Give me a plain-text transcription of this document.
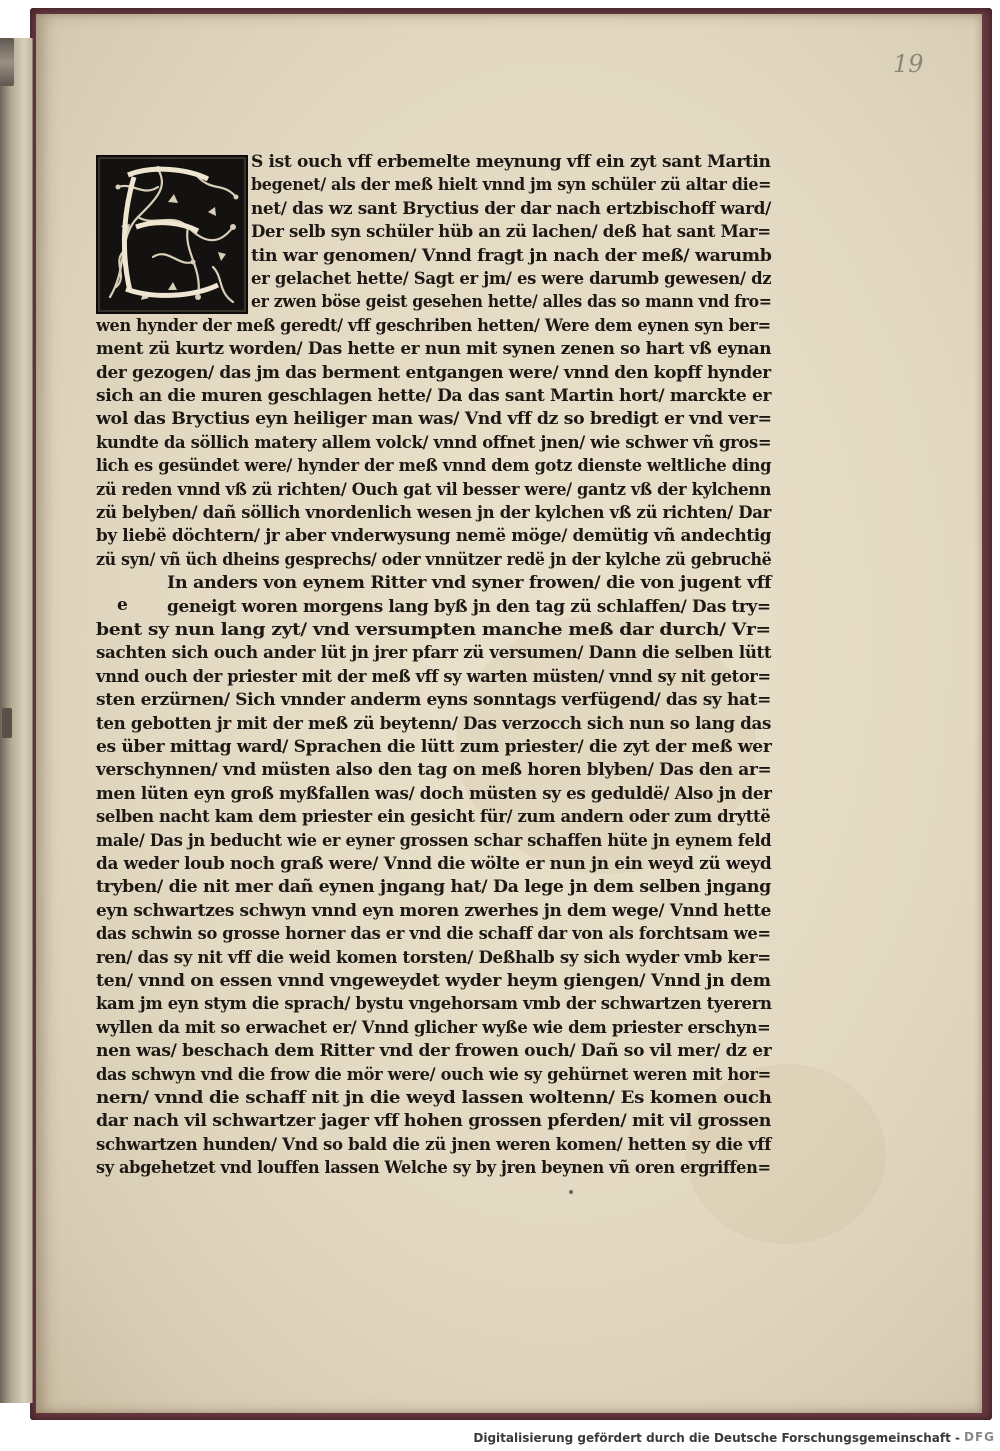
19
S ist ouch vff erbemelte meynung vff ein zyt sant Martin
begenet/ als der meß hielt vnnd jm syn schüler zü altar die=
net/ das wz sant Bryctius der dar nach ertzbischoff ward/
Der selb syn schüler hüb an zü lachen/ deß hat sant Mar=
tin war genomen/ Vnnd fragt jn nach der meß/ warumb
er gelachet hette/ Sagt er jm/ es were darumb gewesen/ dz
er zwen böse geist gesehen hette/ alles das so mann vnd fro=
wen hynder der meß geredt/ vff geschriben hetten/ Were dem eynen syn ber=
ment zü kurtz worden/ Das hette er nun mit synen zenen so hart vß eynan
der gezogen/ das jm das berment entgangen were/ vnnd den kopff hynder
sich an die muren geschlagen hette/ Da das sant Martin hort/ marckte er
wol das Bryctius eyn heiliger man was/ Vnd vff dz so bredigt er vnd ver=
kundte da söllich matery allem volck/ vnnd offnet jnen/ wie schwer vñ gros=
lich es gesündet were/ hynder der meß vnnd dem gotz dienste weltliche ding
zü reden vnnd vß zü richten/ Ouch gat vil besser were/ gantz vß der kylchenn
zü belyben/ dañ söllich vnordenlich wesen jn der kylchen vß zü richten/ Dar
by liebë döchtern/ jr aber vnderwysung nemë möge/ demütig vñ andechtig
zü syn/ vñ üch dheins gesprechs/ oder vnnützer redë jn der kylche zü gebruchë
In anders von eynem Ritter vnd syner frowen/ die von jugent vff
geneigt woren morgens lang byß jn den tag zü schlaffen/ Das try=
bent sy nun lang zyt/ vnd versumpten manche meß dar durch/ Vr=
sachten sich ouch ander lüt jn jrer pfarr zü versumen/ Dann die selben lütt
vnnd ouch der priester mit der meß vff sy warten müsten/ vnnd sy nit getor=
sten erzürnen/ Sich vnnder anderm eyns sonntags verfügend/ das sy hat=
ten gebotten jr mit der meß zü beytenn/ Das verzocch sich nun so lang das
es über mittag ward/ Sprachen die lütt zum priester/ die zyt der meß wer
verschynnen/ vnd müsten also den tag on meß horen blyben/ Das den ar=
men lüten eyn groß myßfallen was/ doch müsten sy es geduldë/ Also jn der
selben nacht kam dem priester ein gesicht für/ zum andern oder zum dryttë
male/ Das jn beducht wie er eyner grossen schar schaffen hüte jn eynem feld
da weder loub noch graß were/ Vnnd die wölte er nun jn ein weyd zü weyd
tryben/ die nit mer dañ eynen jngang hat/ Da lege jn dem selben jngang
eyn schwartzes schwyn vnnd eyn moren zwerhes jn dem wege/ Vnnd hette
das schwin so grosse horner das er vnd die schaff dar von als forchtsam we=
ren/ das sy nit vff die weid komen torsten/ Deßhalb sy sich wyder vmb ker=
ten/ vnnd on essen vnnd vngeweydet wyder heym giengen/ Vnnd jn dem
kam jm eyn stym die sprach/ bystu vngehorsam vmb der schwartzen tyerern
wyllen da mit so erwachet er/ Vnnd glicher wyße wie dem priester erschyn=
nen was/ beschach dem Ritter vnd der frowen ouch/ Dañ so vil mer/ dz er
das schwyn vnd die frow die mör were/ ouch wie sy gehürnet weren mit hor=
nern/ vnnd die schaff nit jn die weyd lassen woltenn/ Es komen ouch
dar nach vil schwartzer jager vff hohen grossen pferden/ mit vil grossen
schwartzen hunden/ Vnd so bald die zü jnen weren komen/ hetten sy die vff
sy abgehetzet vnd louffen lassen Welche sy by jren beynen vñ oren ergriffen=
e
Digitalisierung gefördert durch die Deutsche Forschungsgemeinschaft - DFG
